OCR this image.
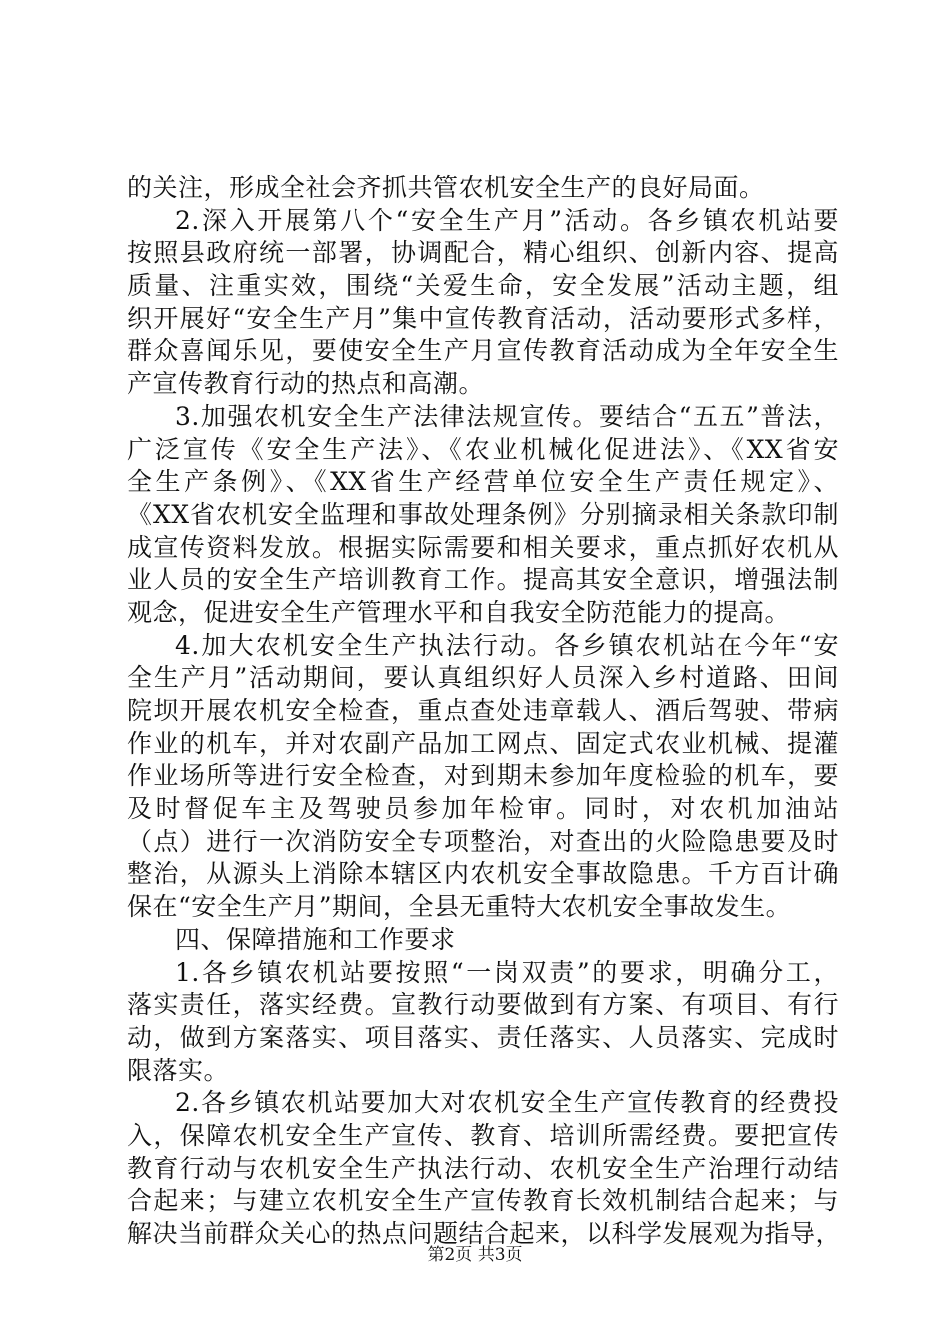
的关注，形成全社会齐抓共管农机安全生产的良好局面。
2.深入开展第八个“安全生产月”活动。各乡镇农机站要
按照县政府统一部署，协调配合，精心组织、创新内容、提高
质量、注重实效，围绕“关爱生命，安全发展”活动主题，组
织开展好“安全生产月”集中宣传教育活动，活动要形式多样，
群众喜闻乐见，要使安全生产月宣传教育活动成为全年安全生
产宣传教育行动的热点和高潮。
3.加强农机安全生产法律法规宣传。要结合“五五”普法，
广泛宣传《安全生产法》、《农业机械化促进法》、《XX省安
全生产条例》、《XX省生产经营单位安全生产责任规定》、
《XX省农机安全监理和事故处理条例》分别摘录相关条款印制
成宣传资料发放。根据实际需要和相关要求，重点抓好农机从
业人员的安全生产培训教育工作。提高其安全意识，增强法制
观念，促进安全生产管理水平和自我安全防范能力的提高。
4.加大农机安全生产执法行动。各乡镇农机站在今年“安
全生产月”活动期间，要认真组织好人员深入乡村道路、田间
院坝开展农机安全检查，重点查处违章载人、酒后驾驶、带病
作业的机车，并对农副产品加工网点、固定式农业机械、提灌
作业场所等进行安全检查，对到期未参加年度检验的机车，要
及时督促车主及驾驶员参加年检审。同时，对农机加油站
（点）进行一次消防安全专项整治，对查出的火险隐患要及时
整治，从源头上消除本辖区内农机安全事故隐患。千方百计确
保在“安全生产月”期间，全县无重特大农机安全事故发生。
四、保障措施和工作要求
1.各乡镇农机站要按照“一岗双责”的要求，明确分工，
落实责任，落实经费。宣教行动要做到有方案、有项目、有行
动，做到方案落实、项目落实、责任落实、人员落实、完成时
限落实。
2.各乡镇农机站要加大对农机安全生产宣传教育的经费投
入，保障农机安全生产宣传、教育、培训所需经费。要把宣传
教育行动与农机安全生产执法行动、农机安全生产治理行动结
合起来；与建立农机安全生产宣传教育长效机制结合起来；与
解决当前群众关心的热点问题结合起来，以科学发展观为指导，
第2页 共3页
